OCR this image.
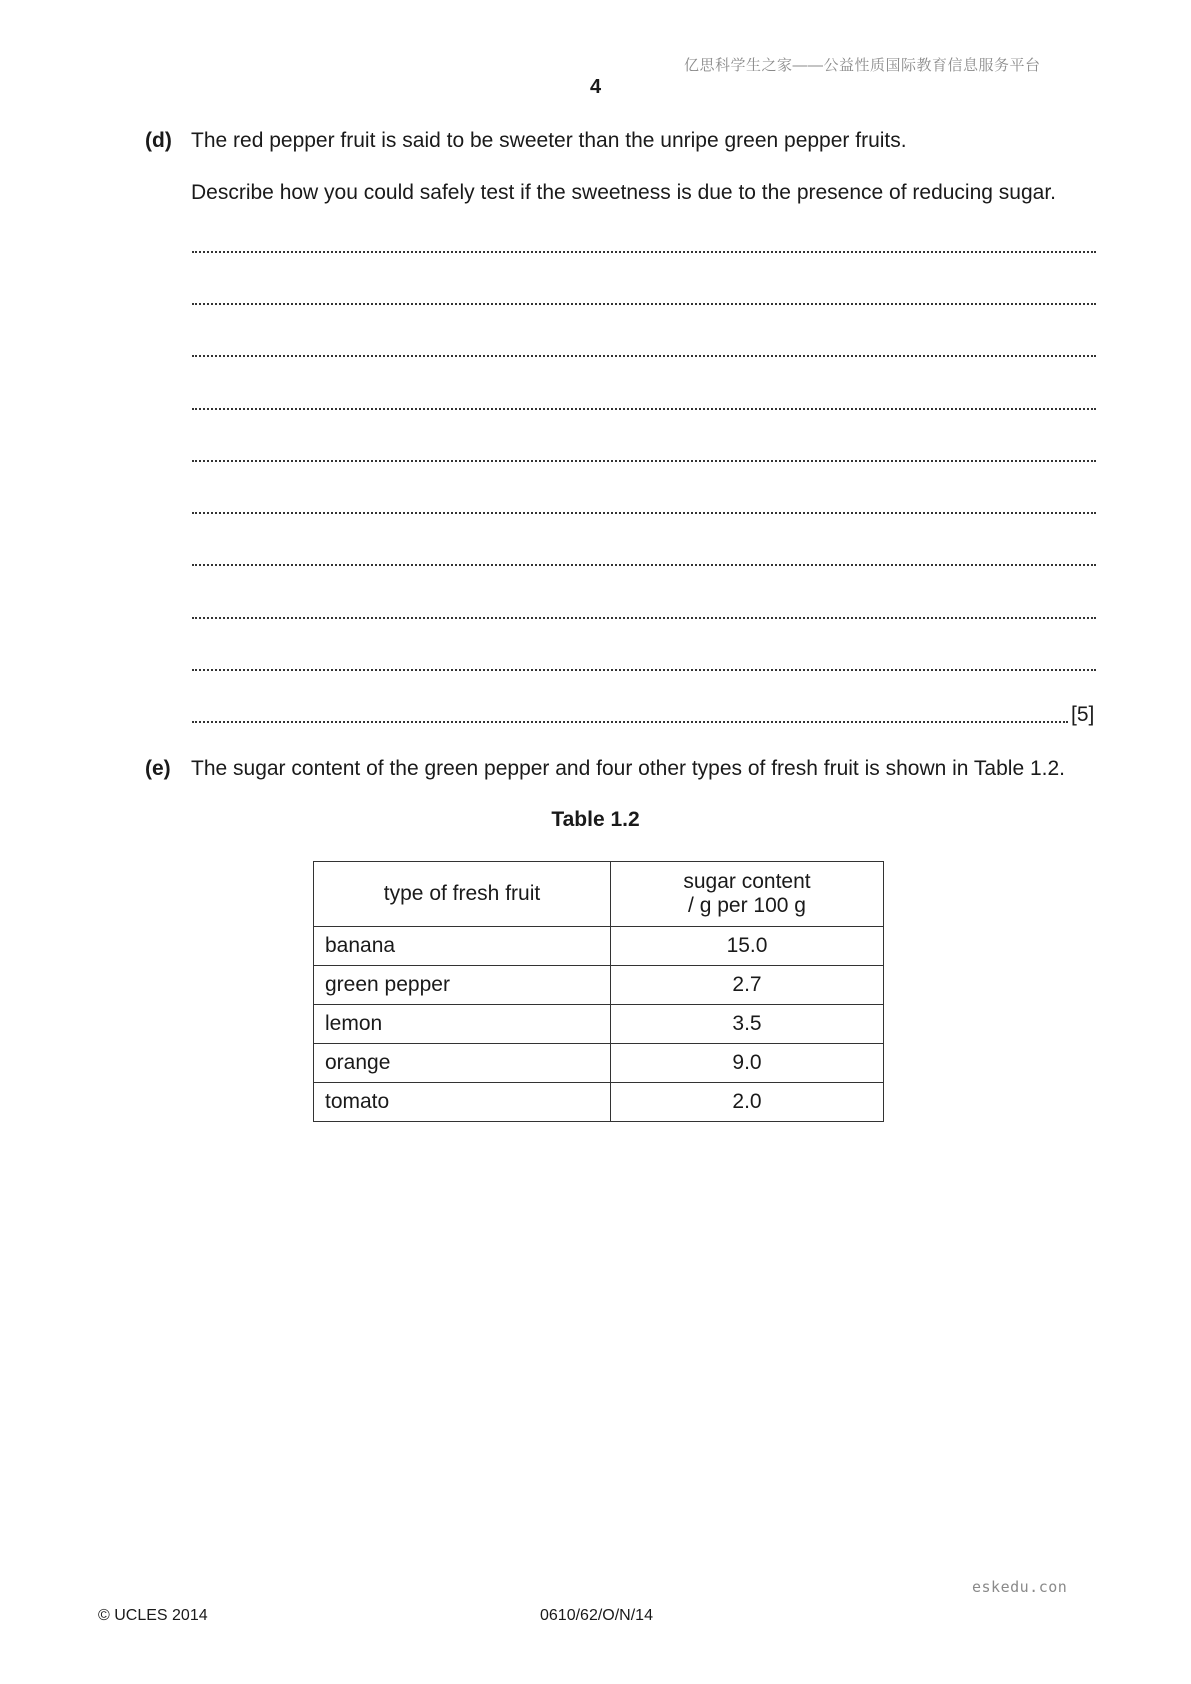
亿思科学生之家——公益性质国际教育信息服务平台
4
(d) The red pepper fruit is said to be sweeter than the unripe green pepper fruits.
Describe how you could safely test if the sweetness is due to the presence of reducing sugar.
[5]
(e) The sugar content of the green pepper and four other types of fresh fruit is shown in Table 1.2.
Table 1.2
type of fresh fruit	sugar content
/ g per 100 g
banana	15.0
green pepper	2.7
lemon	3.5
orange	9.0
tomato	2.0
eskedu.con
© UCLES 2014	0610/62/O/N/14
